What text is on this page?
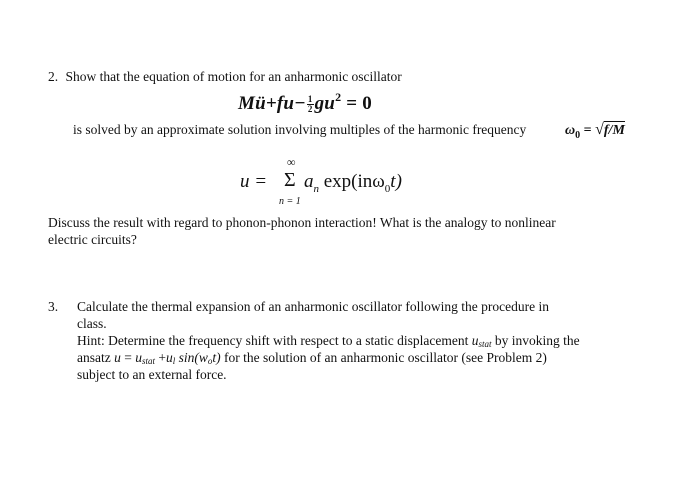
2. Show that the equation of motion for an anharmonic oscillator
Mü+fu− $\frac{1}{2} gu^2 = 0$
is solved by an approximate solution involving multiples of the harmonic frequency	$\omega_0 = √f/M$
u =
∞
Σ
n = 1
$a_n$ exp(inω$_0$t)
Discuss the result with regard to phonon-phonon interaction! What is the analogy to nonlinear
electric circuits?
3. Calculate the thermal expansion of an anharmonic oscillator following the procedure in
class.
Hint: Determine the frequency shift with respect to a static displacement ustat by invoking the
ansatz u = ustat +ul sin(wot) for the solution of an anharmonic oscillator (see Problem 2)
subject to an external force.
